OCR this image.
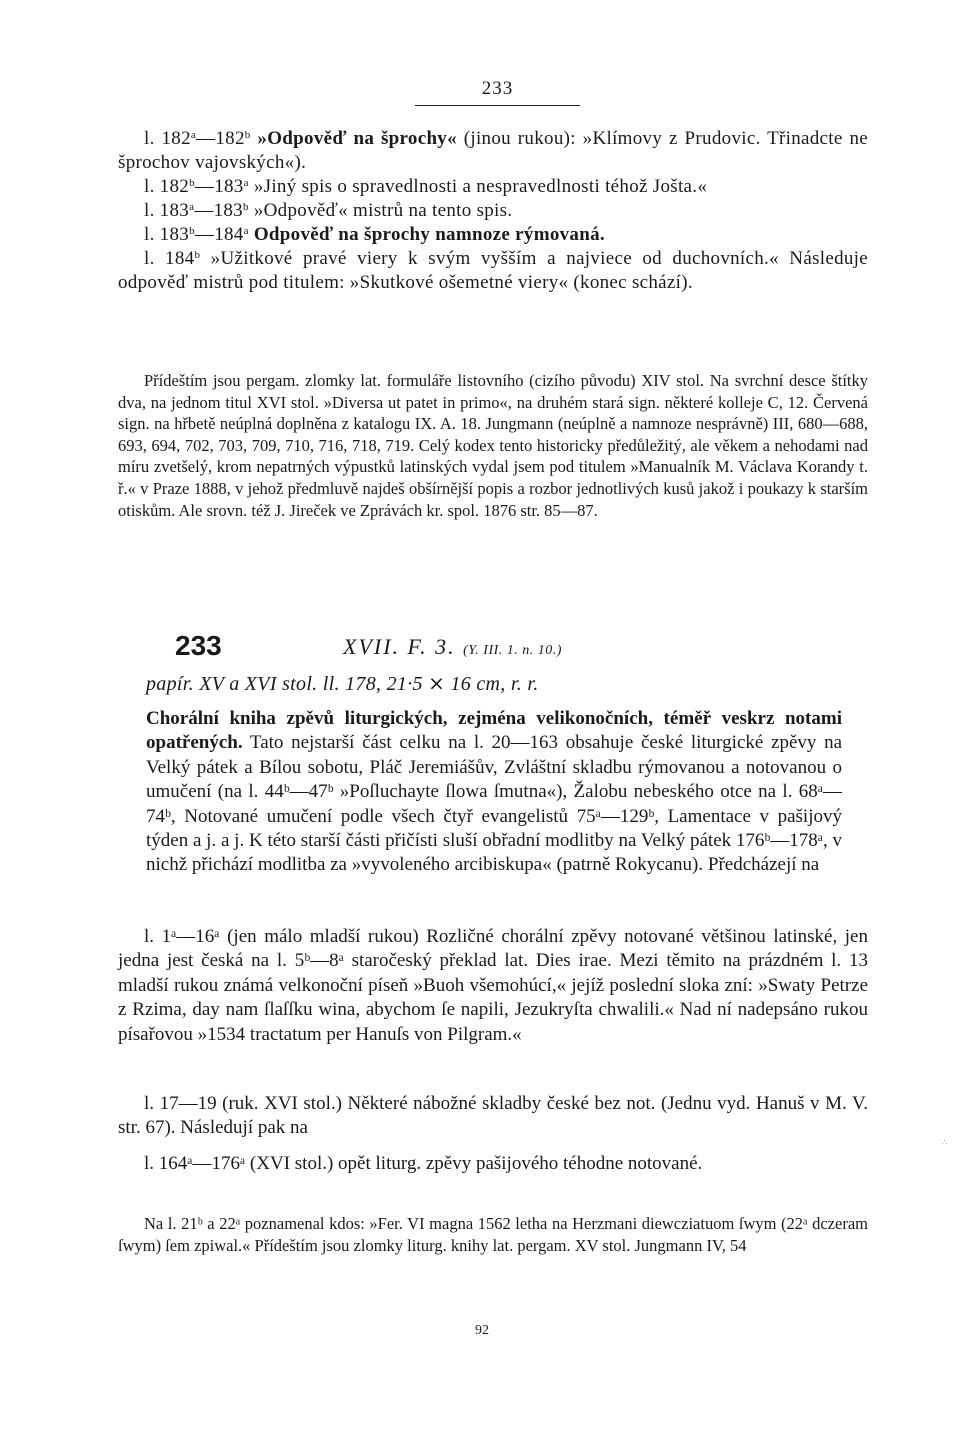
233
l. 182$^a$—182$^b$ »Odpověď na šprochy« (jinou rukou): »Klímovy z Prudovic. Třinadcte ne šprochov vajovských«).
l. 182$^b$—183$^a$ »Jiný spis o spravedlnosti a nespravedlnosti téhož Jošta.«
l. 183$^a$—183$^b$ »Odpověď« mistrů na tento spis.
l. 183$^b$—184$^a$ Odpověď na šprochy namnoze rýmovaná.
l. 184$^b$ »Užitkové pravé viery k svým vyšším a najviece od duchovních.« Následuje odpověď mistrů pod titulem: »Skutkové ošemetné viery« (konec schází).

Přídeštím jsou pergam. zlomky lat. formuláře listovního (cizího původu) XIV stol. Na svrchní desce štítky dva, na jednom titul XVI stol. »Diversa ut patet in primo«, na druhém stará sign. některé kolleje C, 12. Červená sign. na hřbetě neúplná doplněna z katalogu IX. A. 18. Jungmann (neúplně a namnoze nesprávně) III, 680—688, 693, 694, 702, 703, 709, 710, 716, 718, 719. Celý kodex tento historicky předůležitý, ale věkem a nehodami nad míru zvetšelý, krom nepatrných výpustků latinských vydal jsem pod titulem »Manualník M. Václava Korandy t. ř.« v Praze 1888, v jehož předmluvě najdeš obšírnější popis a rozbor jednotlivých kusů jakož i poukazy k starším otiskům. Ale srovn. též J. Jireček ve Zprávách kr. spol. 1876 str. 85—87.

233	XVII. F. 3. (Y. III. 1. n. 10.)
papír. XV a XVI stol. ll. 178, 21·5 ⨯ 16 cm, r. r.

Chorální kniha zpěvů liturgických, zejména velikonočních, téměř veskrz notami opatřených. Tato nejstarší část celku na l. 20—163 obsahuje české liturgické zpěvy na Velký pátek a Bílou sobotu, Pláč Jeremiášův, Zvláštní skladbu rýmovanou a notovanou o umučení (na l. 44ᵇ—47ᵇ »Poſluchayte ſlowa ſmutna«), Žalobu nebeského otce na l. 68ᵃ—74ᵇ, Notované umučení podle všech čtyř evangelistů 75ᵃ—129ᵇ, Lamentace v pašijový týden a j. a j. K této starší části přičísti sluší obřadní modlitby na Velký pátek 176ᵇ—178ᵃ, v nichž přichází modlitba za »vyvoleného arcibiskupa« (patrně Rokycanu). Předcházejí na

l. 1ᵃ—16ᵃ (jen málo mladší rukou) Rozličné chorální zpěvy notované většinou latinské, jen jedna jest česká na l. 5ᵇ—8ᵃ staročeský překlad lat. Dies irae. Mezi těmito na prázdném l. 13 mladší rukou známá velkonoční píseň »Buoh všemohúcí,« jejíž poslední sloka zní: »Swaty Petrze z Rzima, day nam ſlaſſku wina, abychom ſe napili, Jezukryſta chwalili.« Nad ní nadepsáno rukou písařovou »1534 tractatum per Hanuſs von Pilgram.«

l. 17—19 (ruk. XVI stol.) Některé nábožné skladby české bez not. (Jednu vyd. Hanuš v M. V. str. 67). Následují pak na

l. 164ᵃ—176ᵃ (XVI stol.) opět liturg. zpěvy pašijového téhodne notované.

Na l. 21ᵇ a 22ᵃ poznamenal kdos: »Fer. VI magna 1562 letha na Herzmani diewcziatuom ſwym (22ᵃ dczeram ſwym) ſem zpiwal.« Přídeštím jsou zlomky liturg. knihy lat. pergam. XV stol. Jungmann IV, 54

92
∴
